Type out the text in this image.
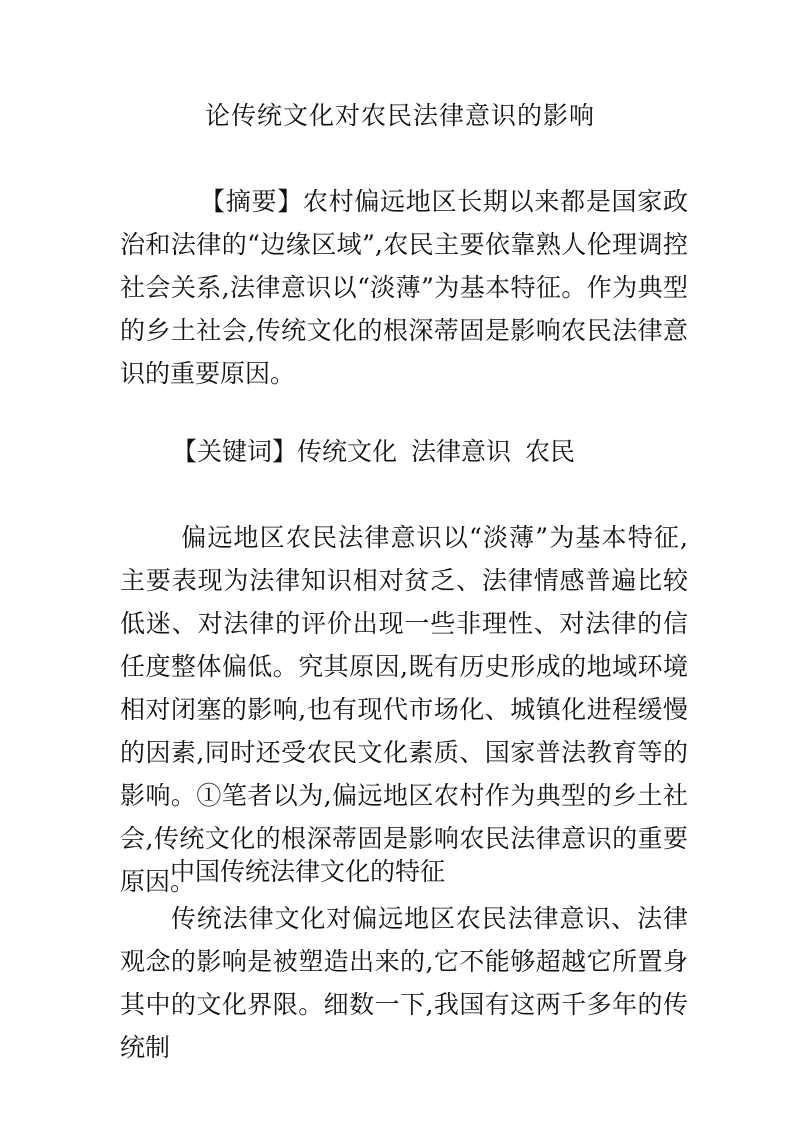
论传统文化对农民法律意识的影响
【摘要】农村偏远地区长期以来都是国家政治和法律的“边缘区域”,农民主要依靠熟人伦理调控社会关系,法律意识以“淡薄”为基本特征。作为典型的乡土社会,传统文化的根深蒂固是影响农民法律意识的重要原因。
【关键词】传统文化 法律意识 农民
偏远地区农民法律意识以“淡薄”为基本特征,主要表现为法律知识相对贫乏、法律情感普遍比较低迷、对法律的评价出现一些非理性、对法律的信任度整体偏低。究其原因,既有历史形成的地域环境相对闭塞的影响,也有现代市场化、城镇化进程缓慢的因素,同时还受农民文化素质、国家普法教育等的影响。①笔者以为,偏远地区农村作为典型的乡土社会,传统文化的根深蒂固是影响农民法律意识的重要原因。
中国传统法律文化的特征
传统法律文化对偏远地区农民法律意识、法律观念的影响是被塑造出来的,它不能够超越它所置身其中的文化界限。细数一下,我国有这两千多年的传统制
